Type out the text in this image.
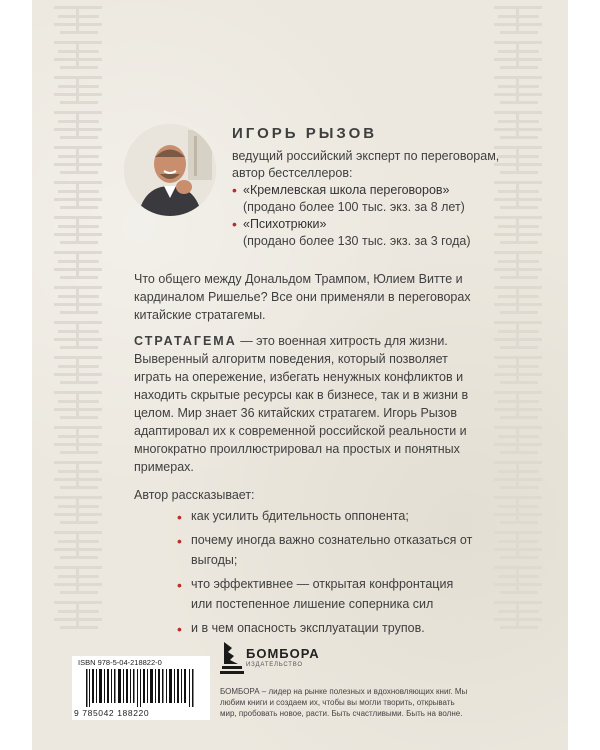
ИГОРЬ РЫЗОВ
ведущий российский эксперт по переговорам, автор бестселлеров:
• «Кремлевская школа переговоров»
(продано более 100 тыс. экз. за 8 лет)
• «Психотрюки»
(продано более 130 тыс. экз. за 3 года)
Что общего между Дональдом Трампом, Юлием Витте и кардиналом Ришелье? Все они применяли в переговорах китайские стратагемы.
СТРАТАГЕМА — это военная хитрость для жизни. Выверенный алгоритм поведения, который позволяет играть на опережение, избегать ненужных конфликтов и находить скрытые ресурсы как в бизнесе, так и в жизни в целом. Мир знает 36 китайских стратагем. Игорь Рызов адаптировал их к современной российской реальности и многократно проиллюстрировал на простых и понятных примерах.
Автор рассказывает:
• как усилить бдительность оппонента;
• почему иногда важно сознательно отказаться от выгоды;
• что эффективнее — открытая конфронтация или постепенное лишение соперника сил
• и в чем опасность эксплуатации трупов.
ISBN 978-5-04-218822-0
9 785042 188220
БОМБОРА
ИЗДАТЕЛЬСТВО
БОМБОРА – лидер на рынке полезных и вдохновляющих книг. Мы любим книги и создаем их, чтобы вы могли творить, открывать мир, пробовать новое, расти. Быть счастливыми. Быть на волне.
